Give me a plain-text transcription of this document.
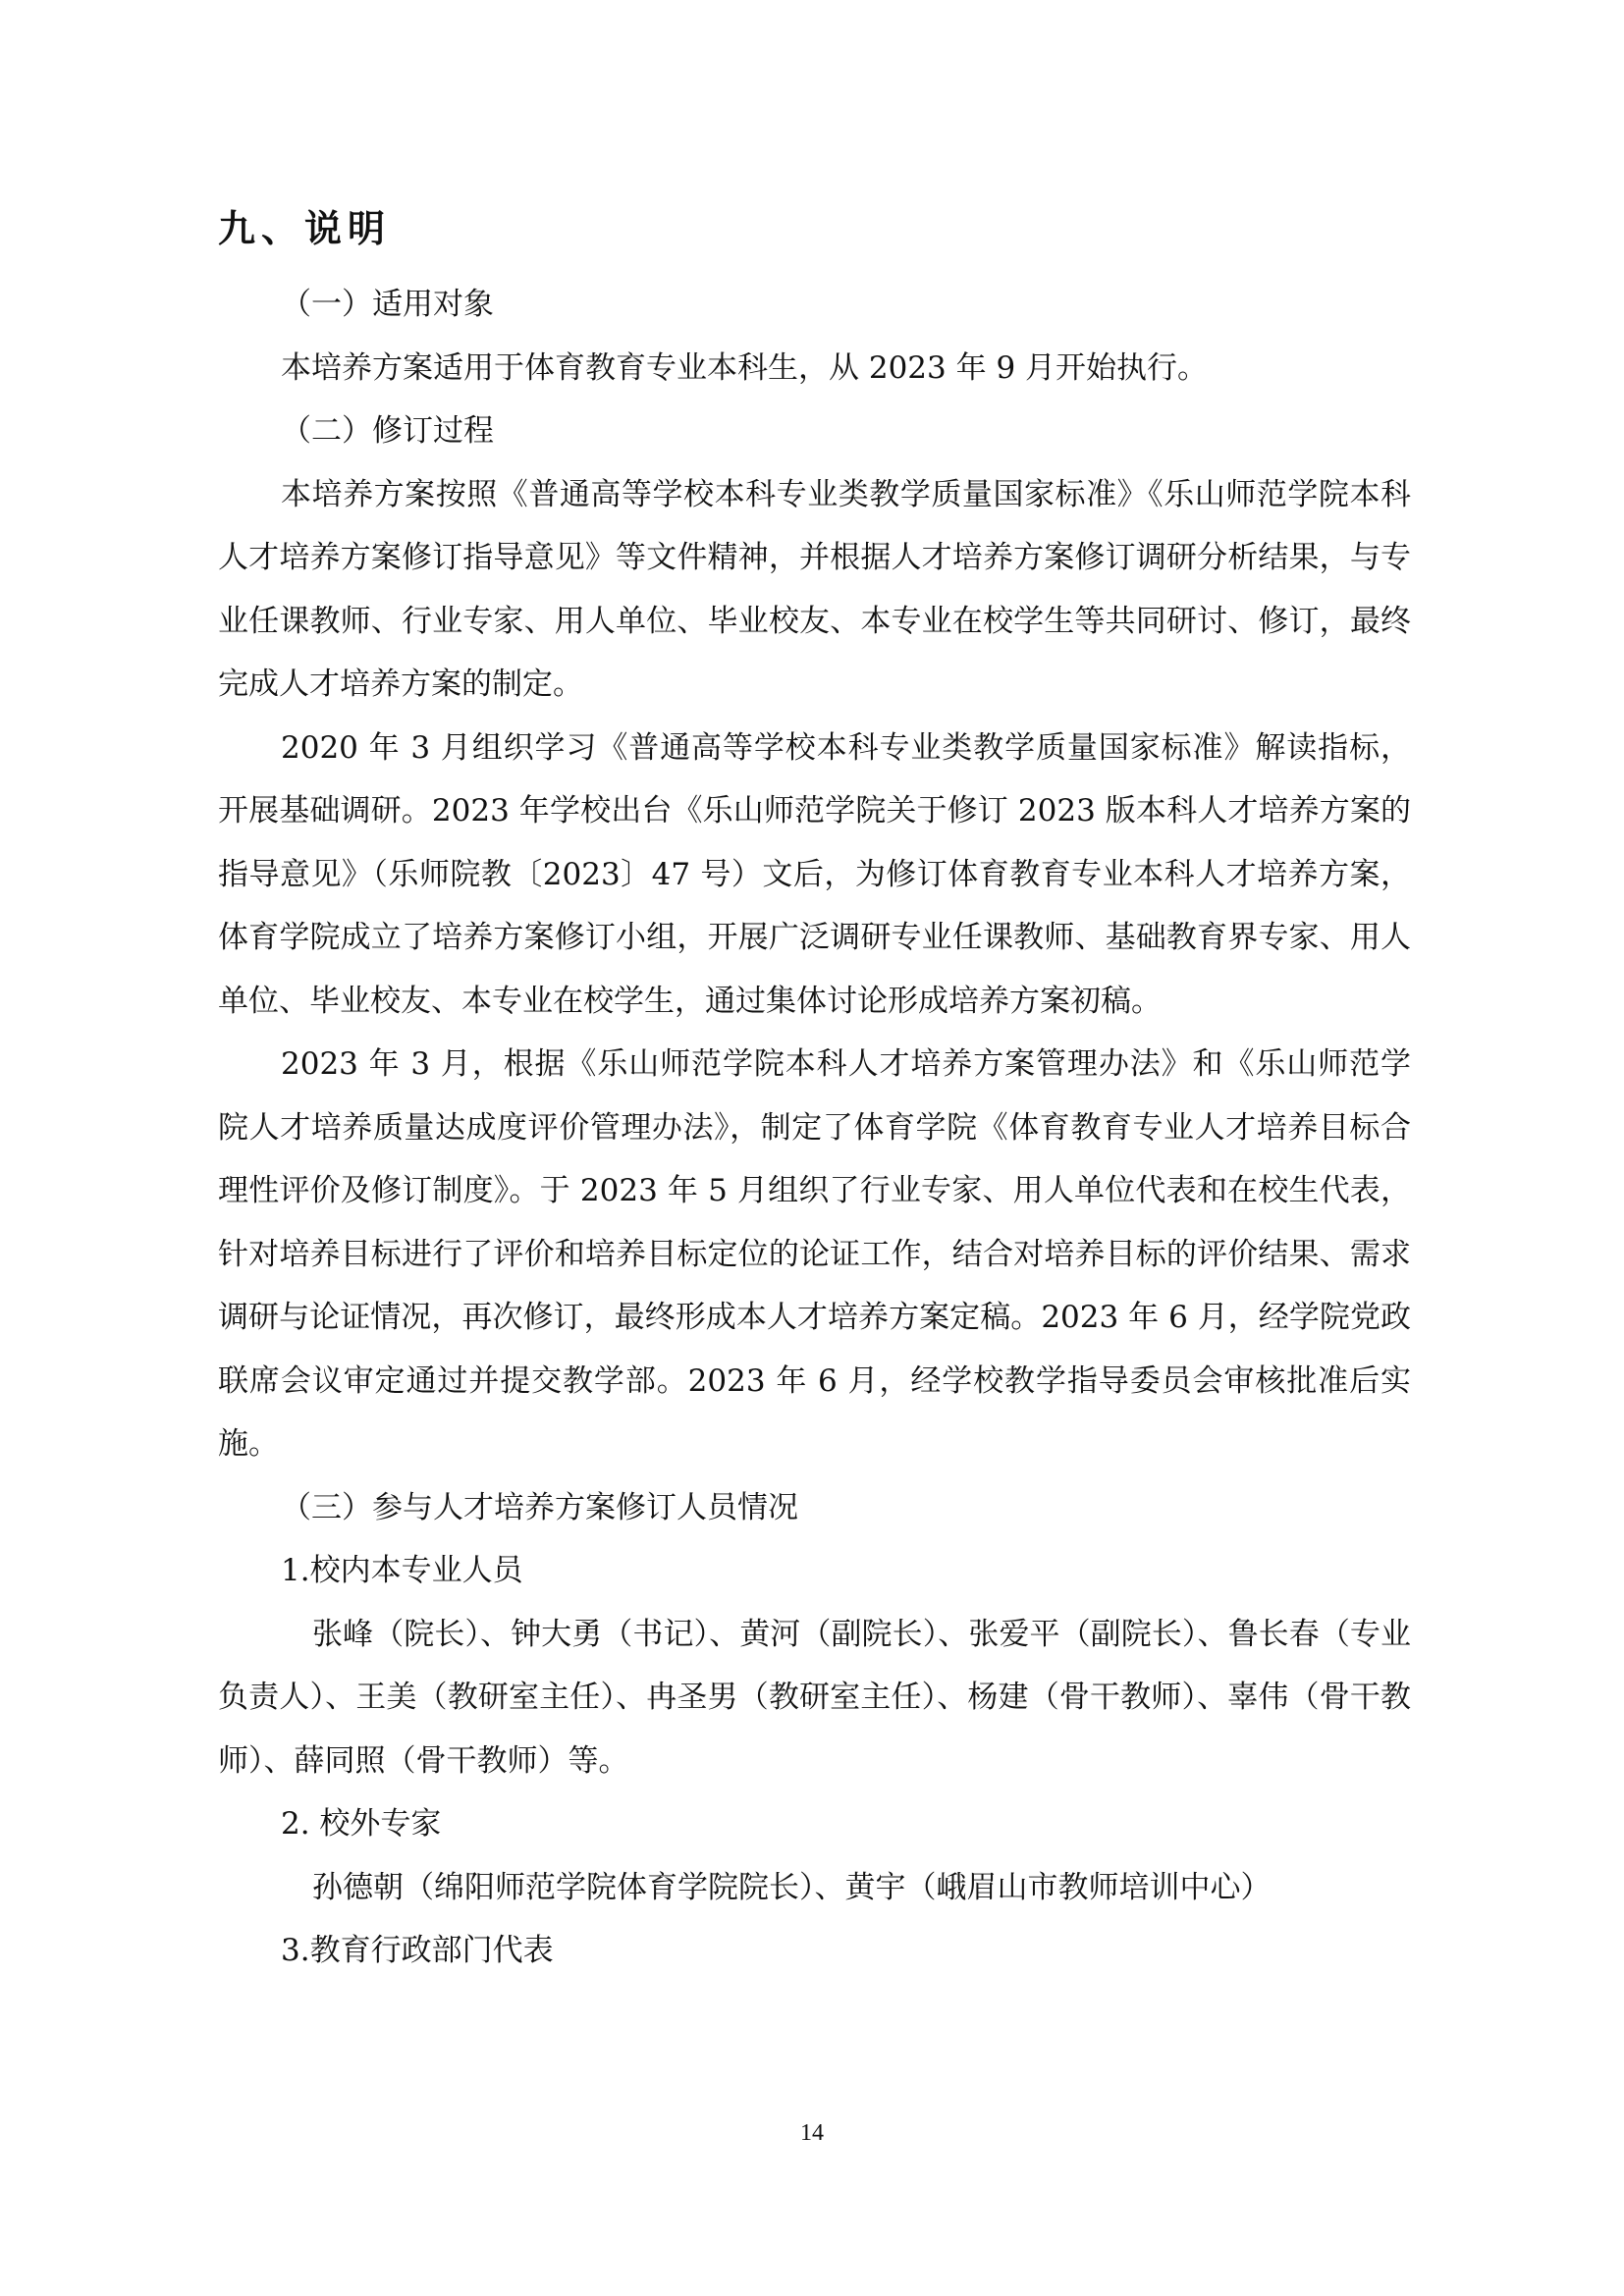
九、说明

（一）适用对象

本培养方案适用于体育教育专业本科生，从 2023 年 9 月开始执行。

（二）修订过程

本培养方案按照《普通高等学校本科专业类教学质量国家标准》《乐山师范学院本科人才培养方案修订指导意见》等文件精神，并根据人才培养方案修订调研分析结果，与专业任课教师、行业专家、用人单位、毕业校友、本专业在校学生等共同研讨、修订，最终完成人才培养方案的制定。

2020 年 3 月组织学习《普通高等学校本科专业类教学质量国家标准》解读指标，开展基础调研。2023 年学校出台《乐山师范学院关于修订 2023 版本科人才培养方案的指导意见》（乐师院教〔2023〕47 号）文后，为修订体育教育专业本科人才培养方案，体育学院成立了培养方案修订小组，开展广泛调研专业任课教师、基础教育界专家、用人单位、毕业校友、本专业在校学生，通过集体讨论形成培养方案初稿。

2023 年 3 月，根据《乐山师范学院本科人才培养方案管理办法》和《乐山师范学院人才培养质量达成度评价管理办法》，制定了体育学院《体育教育专业人才培养目标合理性评价及修订制度》。于 2023 年 5 月组织了行业专家、用人单位代表和在校生代表，针对培养目标进行了评价和培养目标定位的论证工作，结合对培养目标的评价结果、需求调研与论证情况，再次修订，最终形成本人才培养方案定稿。2023 年 6 月，经学院党政联席会议审定通过并提交教学部。2023 年 6 月，经学校教学指导委员会审核批准后实施。

（三）参与人才培养方案修订人员情况

1.校内本专业人员

张峰（院长）、钟大勇（书记）、黄河（副院长）、张爱平（副院长）、鲁长春（专业负责人）、王美（教研室主任）、冉圣男（教研室主任）、杨建（骨干教师）、辜伟（骨干教师）、薛同照（骨干教师）等。

2. 校外专家

孙德朝（绵阳师范学院体育学院院长）、黄宇（峨眉山市教师培训中心）

3.教育行政部门代表

14
